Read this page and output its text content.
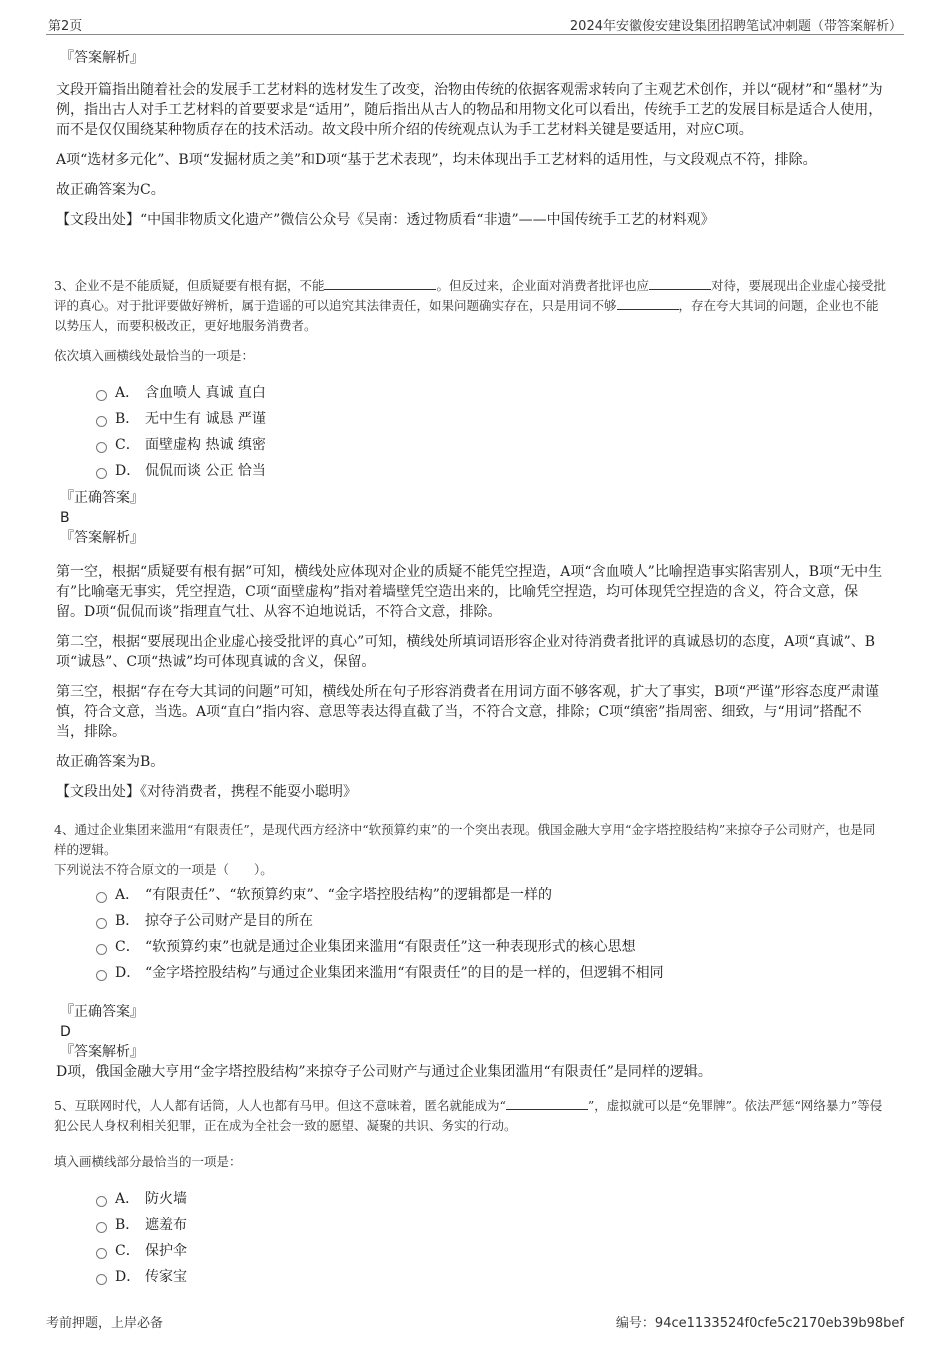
第2页	2024年安徽俊安建设集团招聘笔试冲刺题（带答案解析）
『答案解析』

文段开篇指出随着社会的发展手工艺材料的选材发生了改变，治物由传统的依据客观需求转向了主观艺术创作，并以“砚材”和“墨材”为例，指出古人对手工艺材料的首要要求是“适用”，随后指出从古人的物品和用物文化可以看出，传统手工艺的发展目标是适合人使用，而不是仅仅围绕某种物质存在的技术活动。故文段中所介绍的传统观点认为手工艺材料关键是要适用，对应C项。

A项“选材多元化”、B项“发掘材质之美”和D项“基于艺术表现”，均未体现出手工艺材料的适用性，与文段观点不符，排除。

故正确答案为C。

【文段出处】“中国非物质文化遗产”微信公众号《吴南：透过物质看“非遗”——中国传统手工艺的材料观》

3、企业不是不能质疑，但质疑要有根有据，不能	。但反过来，企业面对消费者批评也应	对待，要展现出企业虚心接受批评的真心。对于批评要做好辨析，属于造谣的可以追究其法律责任，如果问题确实存在，只是用词不够	，存在夸大其词的问题，企业也不能以势压人，而要积极改正，更好地服务消费者。

依次填入画横线处最恰当的一项是：
A． 含血喷人 真诚 直白
B． 无中生有 诚恳 严谨
C． 面壁虚构 热诚 缜密
D． 侃侃而谈 公正 恰当
『正确答案』
B
『答案解析』

第一空，根据“质疑要有根有据”可知，横线处应体现对企业的质疑不能凭空捏造，A项“含血喷人”比喻捏造事实陷害别人，B项“无中生有”比喻毫无事实，凭空捏造，C项“面壁虚构”指对着墙壁凭空造出来的，比喻凭空捏造，均可体现凭空捏造的含义，符合文意，保留。D项“侃侃而谈”指理直气壮、从容不迫地说话，不符合文意，排除。

第二空，根据“要展现出企业虚心接受批评的真心”可知，横线处所填词语形容企业对待消费者批评的真诚恳切的态度，A项“真诚”、B项“诚恳”、C项“热诚”均可体现真诚的含义，保留。

第三空，根据“存在夸大其词的问题”可知，横线处所在句子形容消费者在用词方面不够客观，扩大了事实，B项“严谨”形容态度严肃谨慎，符合文意，当选。A项“直白”指内容、意思等表达得直截了当，不符合文意，排除；C项“缜密”指周密、细致，与“用词”搭配不当，排除。

故正确答案为B。

【文段出处】《对待消费者，携程不能耍小聪明》

4、通过企业集团来滥用“有限责任”，是现代西方经济中“软预算约束”的一个突出表现。俄国金融大亨用“金字塔控股结构”来掠夺子公司财产，也是同样的逻辑。
下列说法不符合原文的一项是（　　）。
A． “有限责任”、“软预算约束”、“金字塔控股结构”的逻辑都是一样的
B． 掠夺子公司财产是目的所在
C． “软预算约束”也就是通过企业集团来滥用“有限责任”这一种表现形式的核心思想
D． “金字塔控股结构”与通过企业集团来滥用“有限责任”的目的是一样的，但逻辑不相同
『正确答案』
D
『答案解析』

D项，俄国金融大亨用“金字塔控股结构”来掠夺子公司财产与通过企业集团滥用“有限责任”是同样的逻辑。

5、互联网时代，人人都有话筒，人人也都有马甲。但这不意味着，匿名就能成为“	”，虚拟就可以是“免罪牌”。依法严惩“网络暴力”等侵犯公民人身权利相关犯罪，正在成为全社会一致的愿望、凝聚的共识、务实的行动。

填入画横线部分最恰当的一项是：
A． 防火墙
B． 遮羞布
C． 保护伞
D． 传家宝
考前押题，上岸必备	编号：94ce1133524f0cfe5c2170eb39b98bef
